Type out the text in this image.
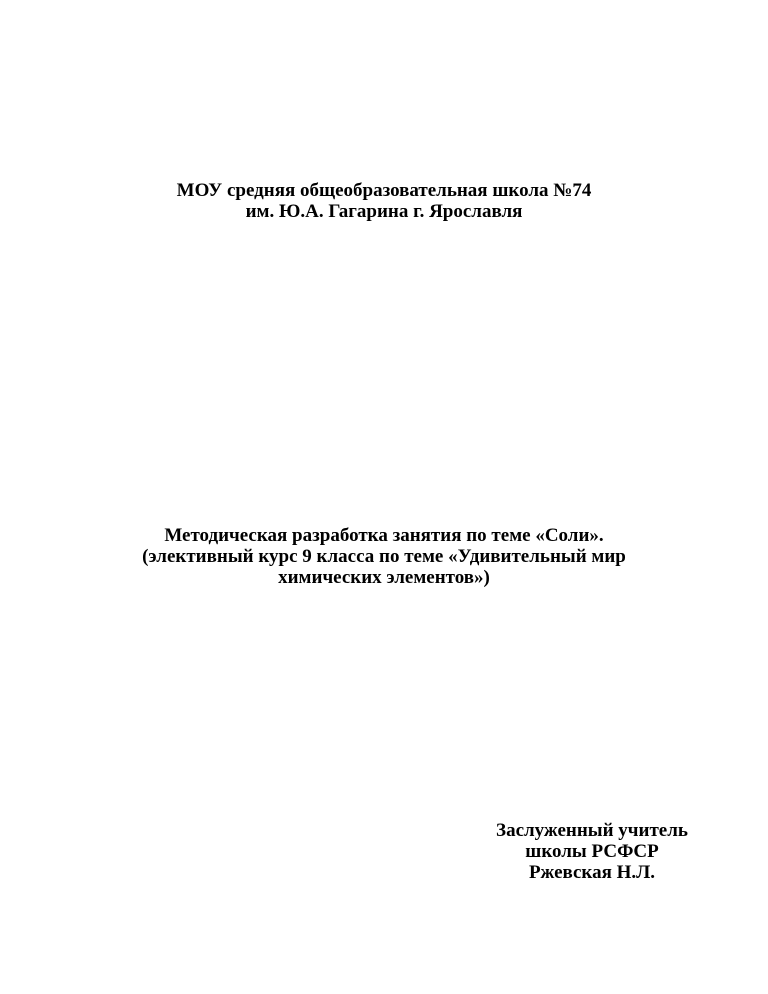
МОУ средняя общеобразовательная школа №74
им. Ю.А. Гагарина г. Ярославля
Методическая разработка занятия по теме «Соли».
(элективный курс 9 класса по теме «Удивительный мир
химических элементов»)
Заслуженный учитель
школы РСФСР
Ржевская Н.Л.
